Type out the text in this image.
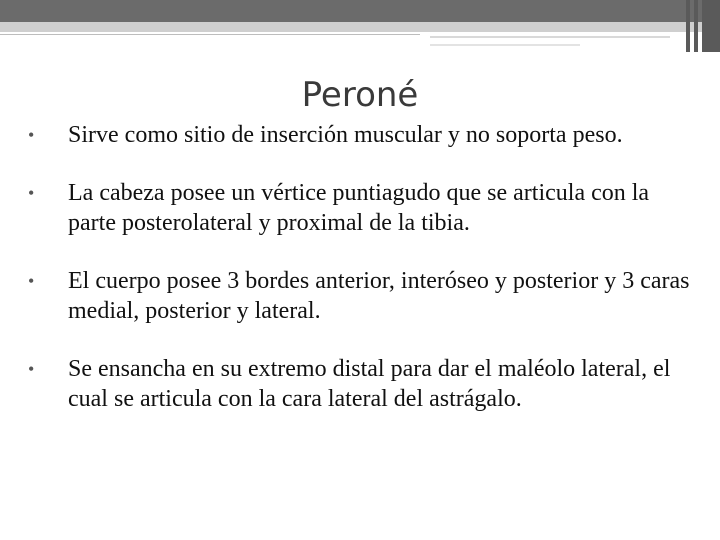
Peroné
•	Sirve como sitio de inserción muscular y no soporta peso.
•	La cabeza posee un vértice puntiagudo que se articula con la parte posterolateral y proximal de la tibia.
•	El cuerpo posee 3 bordes anterior, interóseo y posterior y 3 caras medial, posterior y lateral.
•	Se ensancha en su extremo distal para dar el maléolo lateral, el cual se articula con la cara lateral del astrágalo.
